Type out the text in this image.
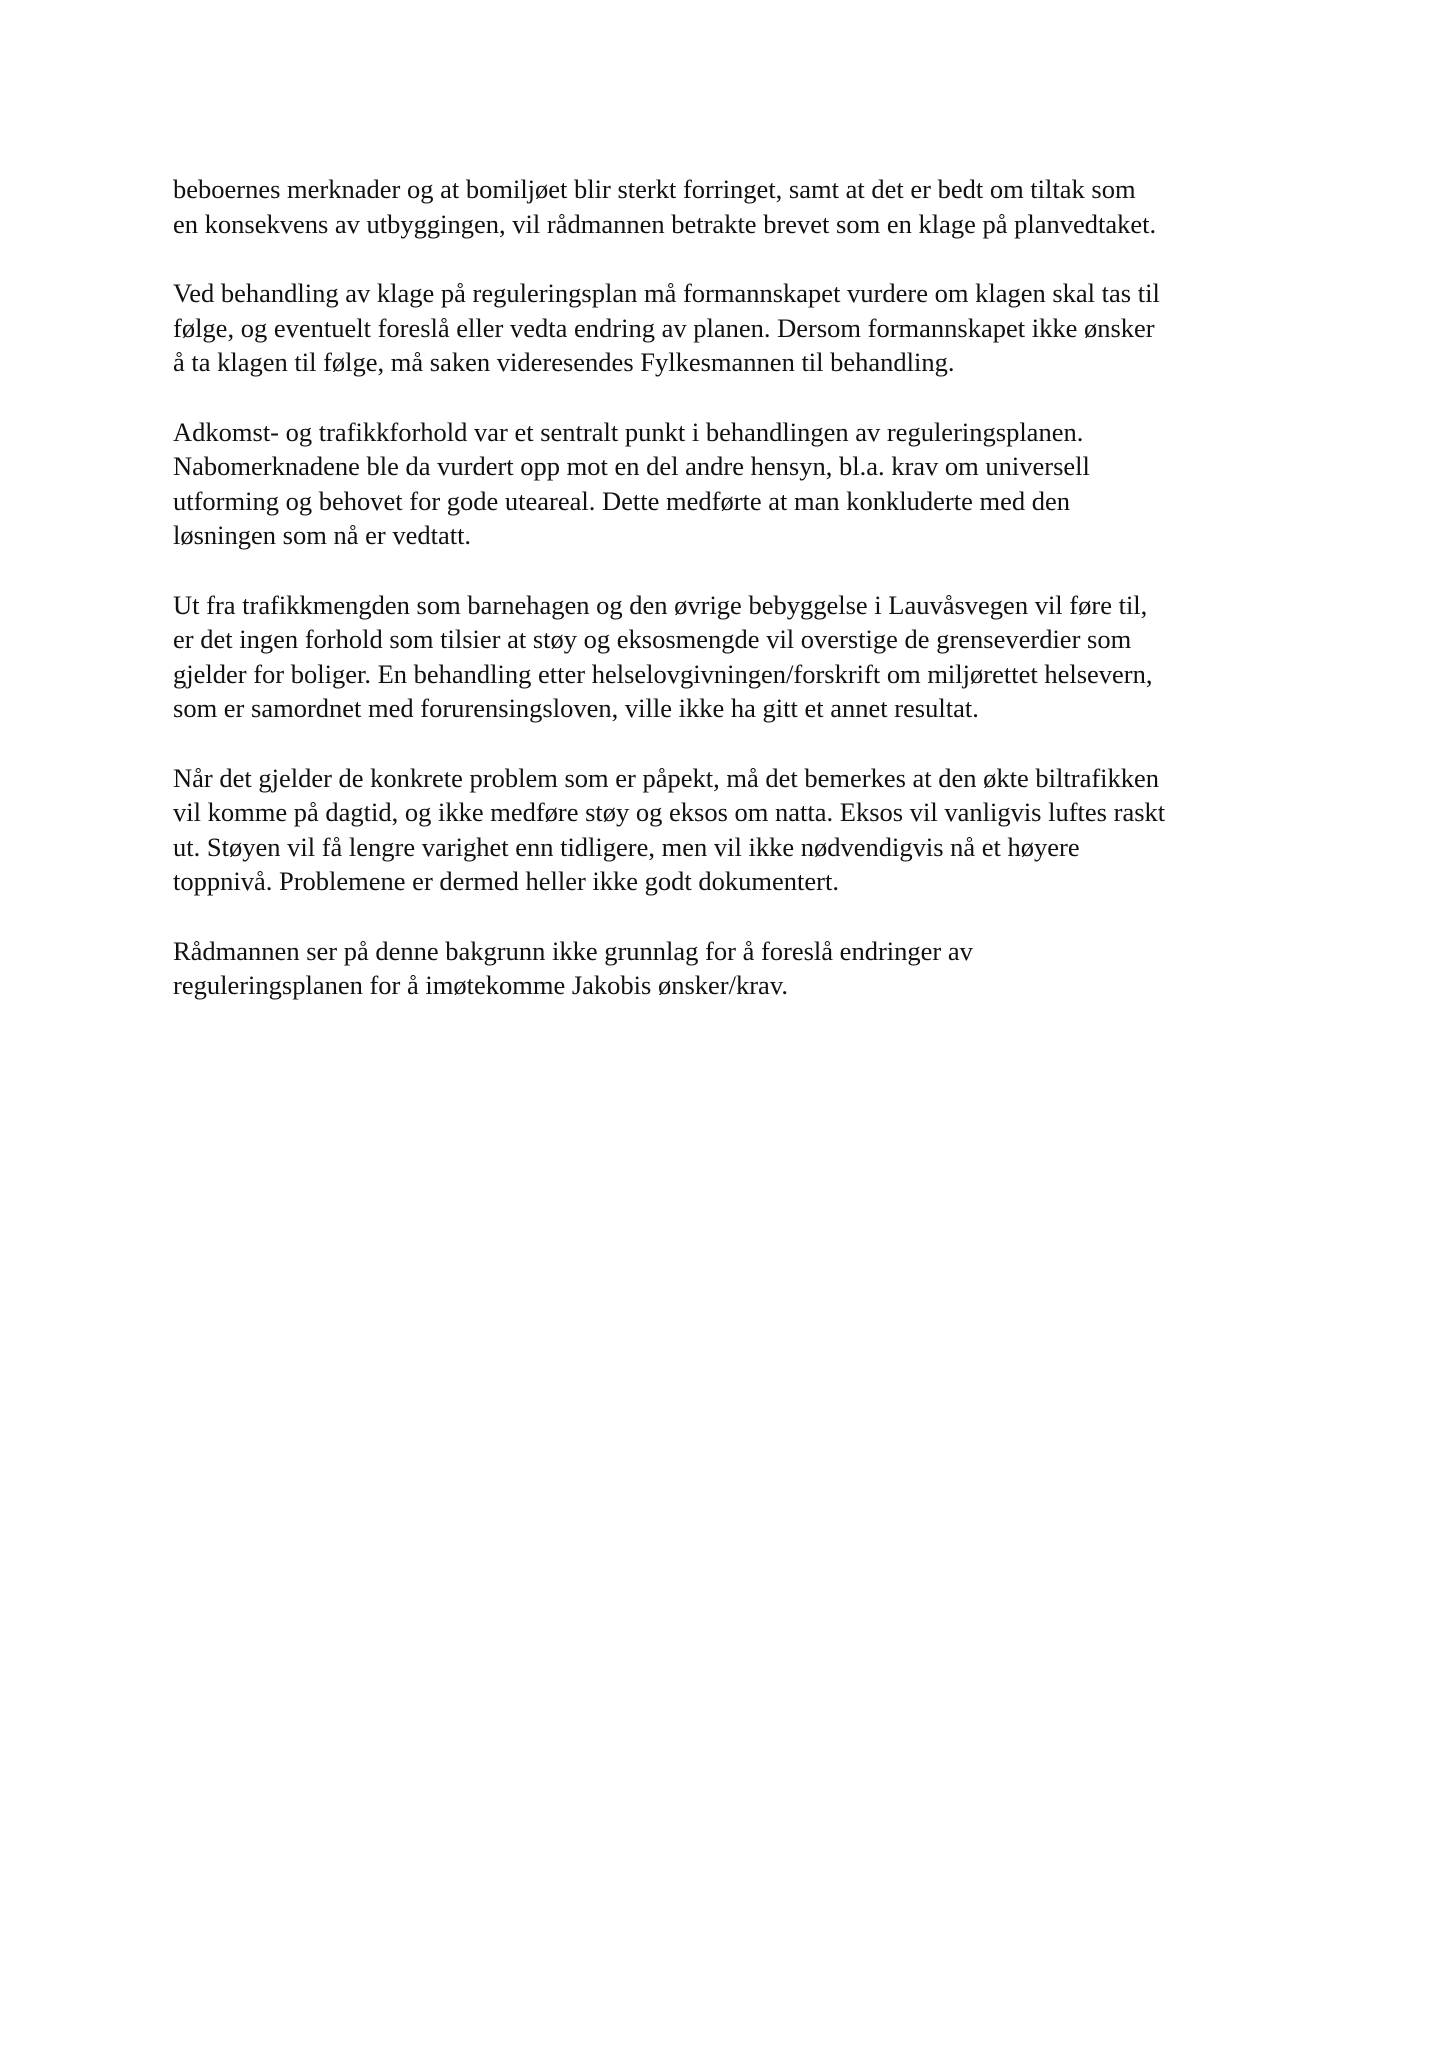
beboernes merknader og at bomiljøet blir sterkt forringet, samt at det er bedt om tiltak som
en konsekvens av utbyggingen, vil rådmannen betrakte brevet som en klage på planvedtaket.

Ved behandling av klage på reguleringsplan må formannskapet vurdere om klagen skal tas til
følge, og eventuelt foreslå eller vedta endring av planen. Dersom formannskapet ikke ønsker
å ta klagen til følge, må saken videresendes Fylkesmannen til behandling.

Adkomst- og trafikkforhold var et sentralt punkt i behandlingen av reguleringsplanen.
Nabomerknadene ble da vurdert opp mot en del andre hensyn, bl.a. krav om universell
utforming og behovet for gode uteareal. Dette medførte at man konkluderte med den
løsningen som nå er vedtatt.

Ut fra trafikkmengden som barnehagen og den øvrige bebyggelse i Lauvåsvegen vil føre til,
er det ingen forhold som tilsier at støy og eksosmengde vil overstige de grenseverdier som
gjelder for boliger. En behandling etter helselovgivningen/forskrift om miljørettet helsevern,
som er samordnet med forurensingsloven, ville ikke ha gitt et annet resultat.

Når det gjelder de konkrete problem som er påpekt, må det bemerkes at den økte biltrafikken
vil komme på dagtid, og ikke medføre støy og eksos om natta. Eksos vil vanligvis luftes raskt
ut. Støyen vil få lengre varighet enn tidligere, men vil ikke nødvendigvis nå et høyere
toppnivå. Problemene er dermed heller ikke godt dokumentert.

Rådmannen ser på denne bakgrunn ikke grunnlag for å foreslå endringer av
reguleringsplanen for å imøtekomme Jakobis ønsker/krav.
